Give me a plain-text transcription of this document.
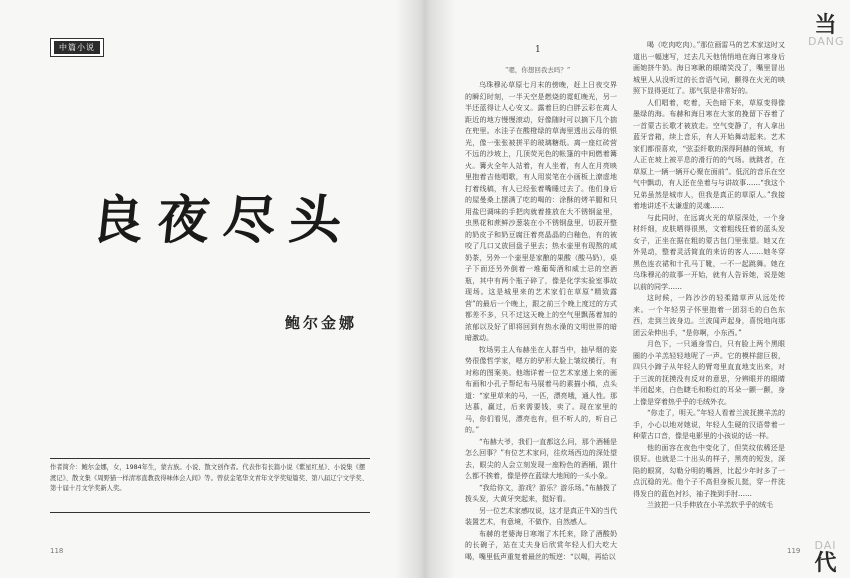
中篇小说
良夜尽头
鲍尔金娜
作者简介：鲍尔金娜，女，1984年生，蒙古族。小说、散文创作者。代表作有长篇小说《紫星红星》、小说集《摆渡记》、散文集《周野猫一样清寒直教我得味体会人间》等。曾获金笔华文青年文学奖短篇奖、第八届辽宁文学奖、第十届十月文学奖新人奖。
118
1
“嗯，你想回我去吗？”

乌珠穆沁草原七月末的傍晚，赶上日夜交界的瞬幻时刻，一半天空是燃烧的霓虹晚光，另一半还蓝得让人心安又。露着巨的白胖云彩在离人距近的地方慢慢滚动，好像随时可以摘下几个揣在兜里。水洼子在酸橙绿的草海里透出云母的银光，像一张张被拼平的玻璃糖纸。离一座红砖营不远的沙坡上，几顶荧光色的帐篷的中间燃着篝火。篝火全年人站着，有人坐着，有人在月亮映里抱着吉他唱歌，有人用炭笔在小画板上潦虚地打着线稿，有人已经张着嘴睡过去了。他们身后的屋曼桑上摆满了吃的喝的：涂酥的烤羊腿和只用盐巴调味的手把肉就着推放在大不锈钢盆里，虫黑花和蔗鲜沙葱装在小不锈钢盘里，切菽开整的奶皮子和奶豆腐汪着亮晶晶的白釉色，有的被咬了几口又放回盘子里去；热水壶里有现熬的咸奶茶，另外一个壶里是家酿的果酸（酸马奶），桌子下面还另外倒着一堆葡萄酒和威士忌的空酒瓶，其中有两个瓶子碎了，像是化学实验室事故现场。这是城里来的艺术家们在草原“精致露营”的最后一个晚上，跟之前三个晚上度过的方式都差不多，只不过这天晚上的空气里飘荡着加的浓郁以及好了即将回到有热水澡的文明世界的暗暗激动。

牧场男主人布赫坐在人群当中，抽早烟的姿势很像哲学家，嗯方的驴形大脸上皱纹横行，有对称的图案美。他端详着一位艺术家递上来的画布画和小孔子帮纪布马展着马的素描小稿，点头道：“家里草来的马，一匹，漂亮哦，通人性。那达慕，赢过，后来需要钱，卖了。现在家里的马，你们看见，漂亮也有，但不听人的，听自己的。”

“布赫大爷，我们一直都这么问，那个酒桶是怎么回事？”有位艺术家问，往炊场西边的深处望去，眼尖的人会立刻发现一座粉色的酒桶，跟什么都不挨着，像是停在蓝绿大地间的一头小象。

“我给你文，游戏？游乐？游乐场。”布赫拨了拨头发，大黄牙突起来，挺好看。

另一位艺术家感叹说，这才是真正牛X的当代装置艺术，有意境，不做作，自然感人。

布赫的老婆海日寒端了木托来，除了酒酸奶的长碗子，站在丈夫身后欣赏年轻人们大吃大喝，嘴里低声重复着最丝的叛逆：“以喝，再給以

喝（吃肉吃肉）。”那位画雷马的艺术家这时又道出一幅速写，过去几天他悄悄地在海日寒身后画她挤牛奶。海日寒瞅的眼睛笑没了，嘴里冒出城里人从没听过的长音语气词，颤得在火光的映照下显得更红了。那气氛是非常好的。

人们唱着，吃着，天色暗下来，草原变得像墨绿的海。布赫和海日寒在大家的挽留下吞着了一首蒙古长歌才被放走。空气变静了，有人拿出蓝牙音箱，续上音乐，有人开始舞动起来。艺术家们都很喜欢，“弦歪纤歌的深得阿赫的领域，有人正在坡上被平息的滑行的的气场。就跳者，在草原上一辆一辆开心聚在面前”。低沉的音乐在空气中飘动，有人还在坐着与与讲故事……“我这个兄弟虽然是城市人，但我是真正的草原人。”我接着地讲述不太谦虚的灵魂……

与此同时，在远离火光的草原深处，一个身材纤细，皮肤晒得很黑，文着粗线狂着的蓝头发女子，正坐在据在粗的蒙古包门里张望。她又在外晃动，整着灵活简直的来访的客人……她冬穿黑色连衣裙和十孔马丁靴，一不一起跳舞。她在乌珠穆沁的故事一开始，就有人告诉她，说是她以前的同学……

这时候，一阵沙沙的轻柔踏草声从远处传来。一个年轻男子怀里抱着一团羽毛的白色东西，走到兰波身边。兰波闻声起身，喜悦地向那团云朵伸出手，“是你啊，小东西。”

月色下，一只通身雪白，只有脸上两个黑眼圈的小羊羔轻轻地呢了一声。它的模样甜巨极，四只小蹄子从年轻人的臂弯里直直地支出来，对于三波的抚摸没有反对的意思，分辨眼并的眼睛半闭起来，白色睫毛和粉红的耳朵一颤一颤，身上像是穿着热乎乎的毛绒外衣。

“你走了，明天。”年轻人看着兰波抚摸羊羔的手，小心以地对她说，年轻人生硬的汉语带着一种蒙古口音，像是电影里的小孩说的话一样。

他的面容在夜色中变化了，但笑纹依稀还是很好。也就是二十出头的样子，黑亮的短发，深陷的眼窝，勾勒分明的嘴唇，比起少年时多了一点沉稳的光。他个子不高但身板儿挺，穿一件洗得发白的蓝色衬衫，袖子挽到手肘……

兰波把一只手伸放在小羊羔软乎乎的绒毛

当
DANG
DAI
代
119
